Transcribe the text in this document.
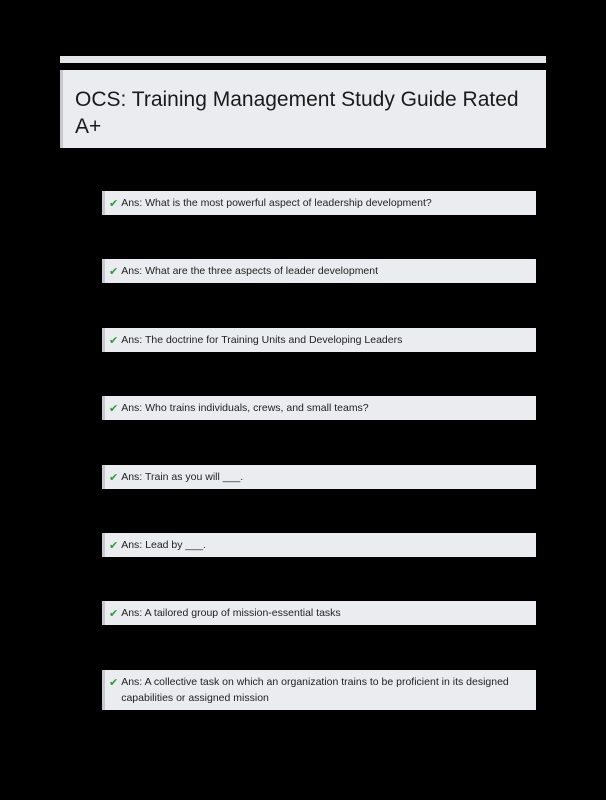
OCS: Training Management Study Guide Rated A+
✔ Ans: What is the most powerful aspect of leadership development?
✔ Ans: What are the three aspects of leader development
✔ Ans: The doctrine for Training Units and Developing Leaders
✔ Ans: Who trains individuals, crews, and small teams?
✔ Ans: Train as you will ___.
✔ Ans: Lead by ___.
✔ Ans: A tailored group of mission-essential tasks
✔ Ans: A collective task on which an organization trains to be proficient in its designed capabilities or assigned mission
